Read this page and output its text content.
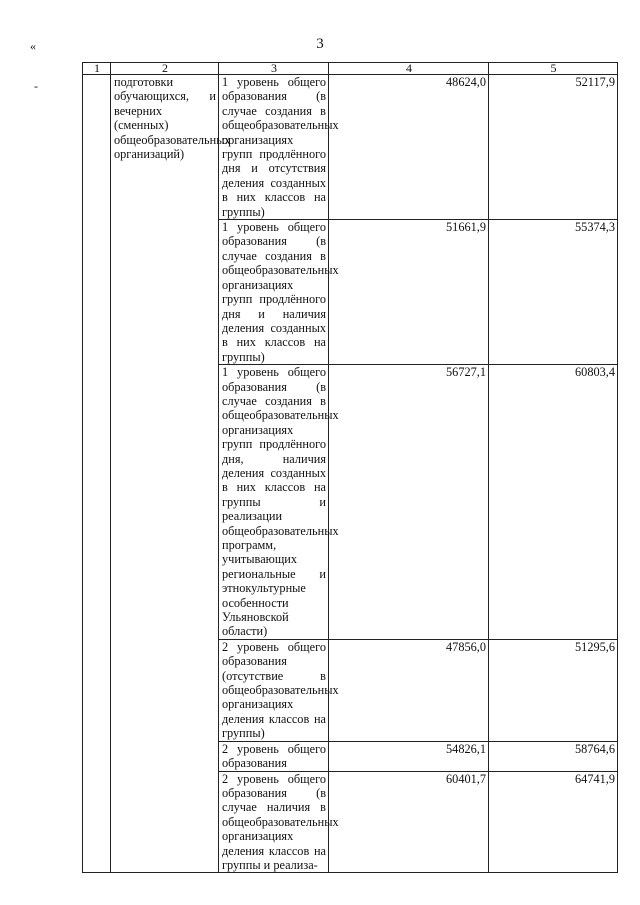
3
«
-
1	2	3	4	5
	подготовки обучающихся, и вечерних (сменных) общеобразовательных организаций)	1 уровень общего образования (в случае создания в общеобразовательных организациях групп продлённого дня и отсутствия деления созданных в них классов на группы)	48624,0	52117,9
		1 уровень общего образования (в случае создания в общеобразовательных организациях групп продлённого дня и наличия деления созданных в них классов на группы)	51661,9	55374,3
		1 уровень общего образования (в случае создания в общеобразовательных организациях групп продлённого дня, наличия деления созданных в них классов на группы и реализации общеобразовательных программ, учитывающих региональные и этнокультурные особенности Ульяновской области)	56727,1	60803,4
		2 уровень общего образования (отсутствие в общеобразовательных организациях деления классов на группы)	47856,0	51295,6
		2 уровень общего образования	54826,1	58764,6
		2 уровень общего образования (в случае наличия в общеобразовательных организациях деления классов на группы и реализа-	60401,7	64741,9
